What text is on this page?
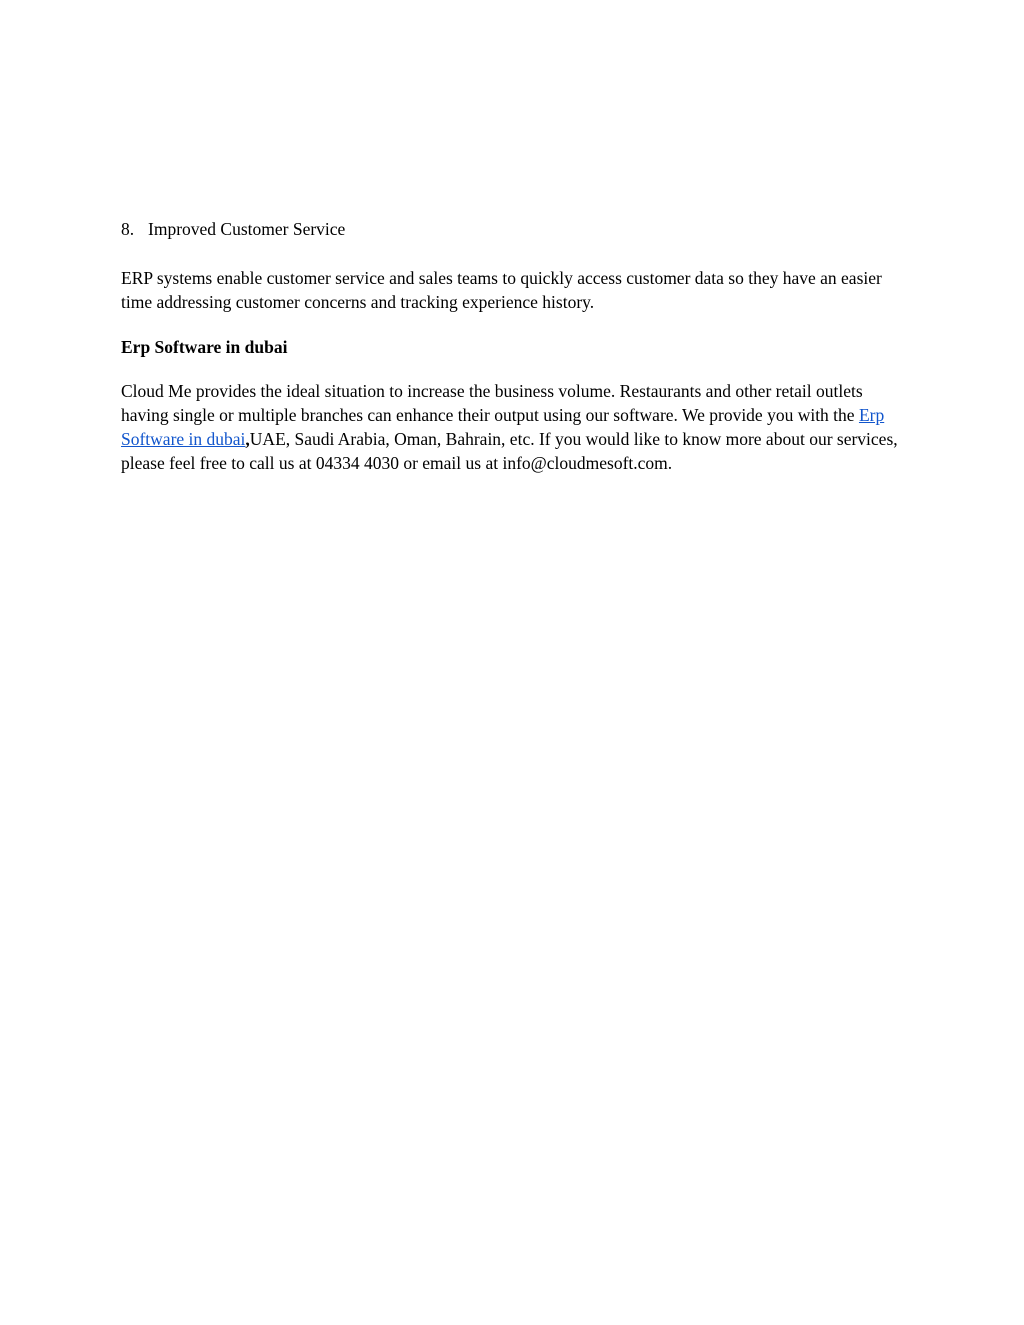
8. Improved Customer Service

ERP systems enable customer service and sales teams to quickly access customer data so they have an easier time addressing customer concerns and tracking experience history.

Erp Software in dubai

Cloud Me provides the ideal situation to increase the business volume. Restaurants and other retail outlets having single or multiple branches can enhance their output using our software. We provide you with the Erp Software in dubai,UAE, Saudi Arabia, Oman, Bahrain, etc. If you would like to know more about our services, please feel free to call us at 04334 4030 or email us at info@cloudmesoft.com.
